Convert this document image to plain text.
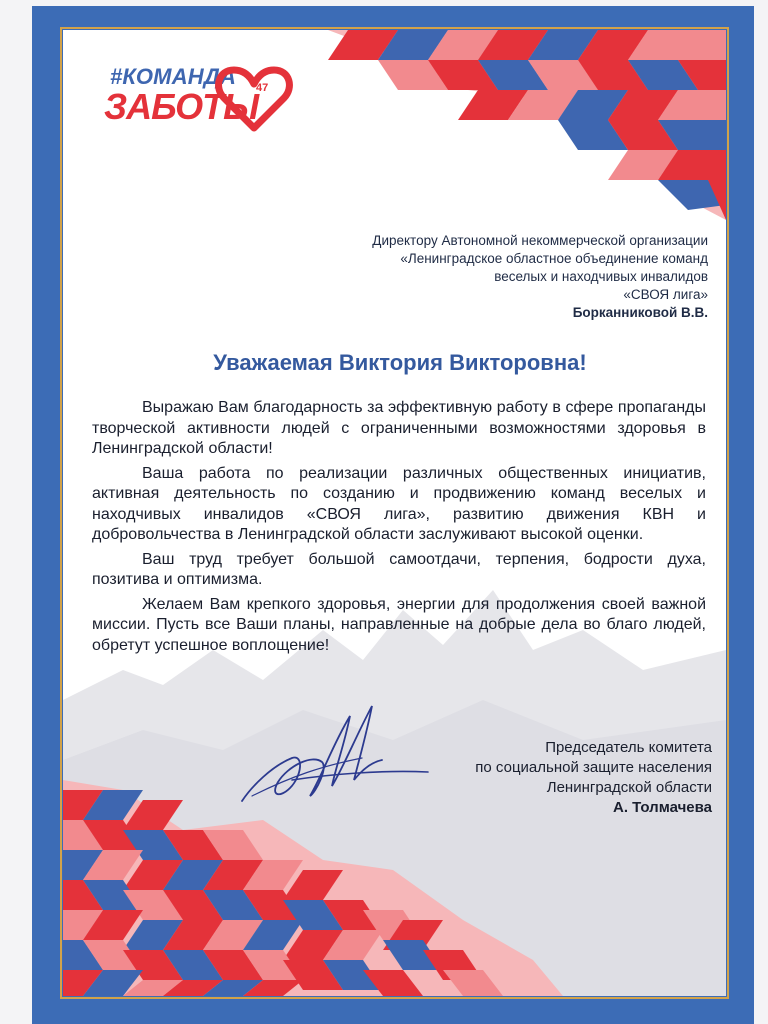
#КОМАНДА
ЗАБОТЫ
47
Директору Автономной некоммерческой организации
«Ленинградское областное объединение команд
веселых и находчивых инвалидов
«СВОЯ лига»
Борканниковой В.В.
Уважаемая Виктория Викторовна!

Выражаю Вам благодарность за эффективную работу в сфере пропаганды творческой активности людей с ограниченными возможностями здоровья в Ленинградской области!

Ваша работа по реализации различных общественных инициатив, активная деятельность по созданию и продвижению команд веселых и находчивых инвалидов «СВОЯ лига», развитию движения КВН и добровольчества в Ленинградской области заслуживают высокой оценки.

Ваш труд требует большой самоотдачи, терпения, бодрости духа, позитива и оптимизма.

Желаем Вам крепкого здоровья, энергии для продолжения своей важной миссии. Пусть все Ваши планы, направленные на добрые дела во благо людей, обретут успешное воплощение!

Председатель комитета
по социальной защите населения
Ленинградской области
А. Толмачева
